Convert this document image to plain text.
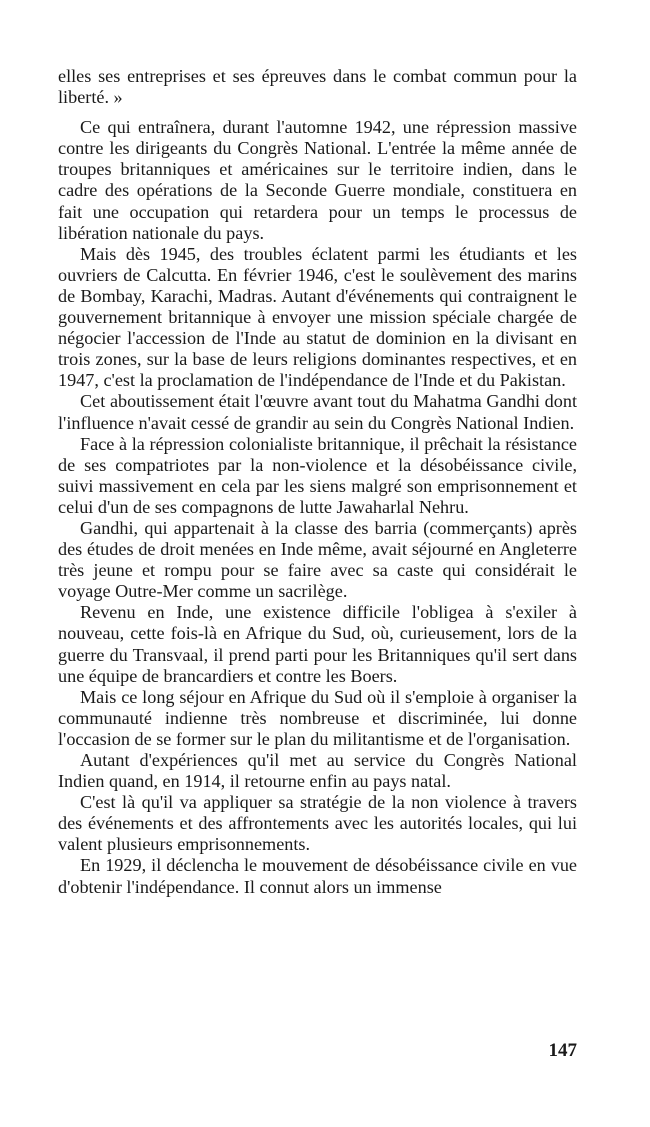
elles ses entreprises et ses épreuves dans le combat commun pour la liberté. »

Ce qui entraînera, durant l'automne 1942, une répression massive contre les dirigeants du Congrès National. L'entrée la même année de troupes britanniques et américaines sur le territoire indien, dans le cadre des opérations de la Seconde Guerre mondiale, constituera en fait une occupation qui retardera pour un temps le processus de libération nationale du pays.

Mais dès 1945, des troubles éclatent parmi les étudiants et les ouvriers de Calcutta. En février 1946, c'est le soulèvement des marins de Bombay, Karachi, Madras. Autant d'événements qui contraignent le gouvernement britannique à envoyer une mission spéciale chargée de négocier l'accession de l'Inde au statut de dominion en la divisant en trois zones, sur la base de leurs religions dominantes respectives, et en 1947, c'est la proclamation de l'indépendance de l'Inde et du Pakistan.

Cet aboutissement était l'œuvre avant tout du Mahatma Gandhi dont l'influence n'avait cessé de grandir au sein du Congrès National Indien.

Face à la répression colonialiste britannique, il prêchait la résistance de ses compatriotes par la non-violence et la désobéissance civile, suivi massivement en cela par les siens malgré son emprisonnement et celui d'un de ses compagnons de lutte Jawaharlal Nehru.

Gandhi, qui appartenait à la classe des barria (commerçants) après des études de droit menées en Inde même, avait séjourné en Angleterre très jeune et rompu pour se faire avec sa caste qui considérait le voyage Outre-Mer comme un sacrilège.

Revenu en Inde, une existence difficile l'obligea à s'exiler à nouveau, cette fois-là en Afrique du Sud, où, curieusement, lors de la guerre du Transvaal, il prend parti pour les Britanniques qu'il sert dans une équipe de brancardiers et contre les Boers.

Mais ce long séjour en Afrique du Sud où il s'emploie à organiser la communauté indienne très nombreuse et discriminée, lui donne l'occasion de se former sur le plan du militantisme et de l'organisation.

Autant d'expériences qu'il met au service du Congrès National Indien quand, en 1914, il retourne enfin au pays natal.

C'est là qu'il va appliquer sa stratégie de la non violence à travers des événements et des affrontements avec les autorités locales, qui lui valent plusieurs emprisonnements.

En 1929, il déclencha le mouvement de désobéissance civile en vue d'obtenir l'indépendance. Il connut alors un immense

147
